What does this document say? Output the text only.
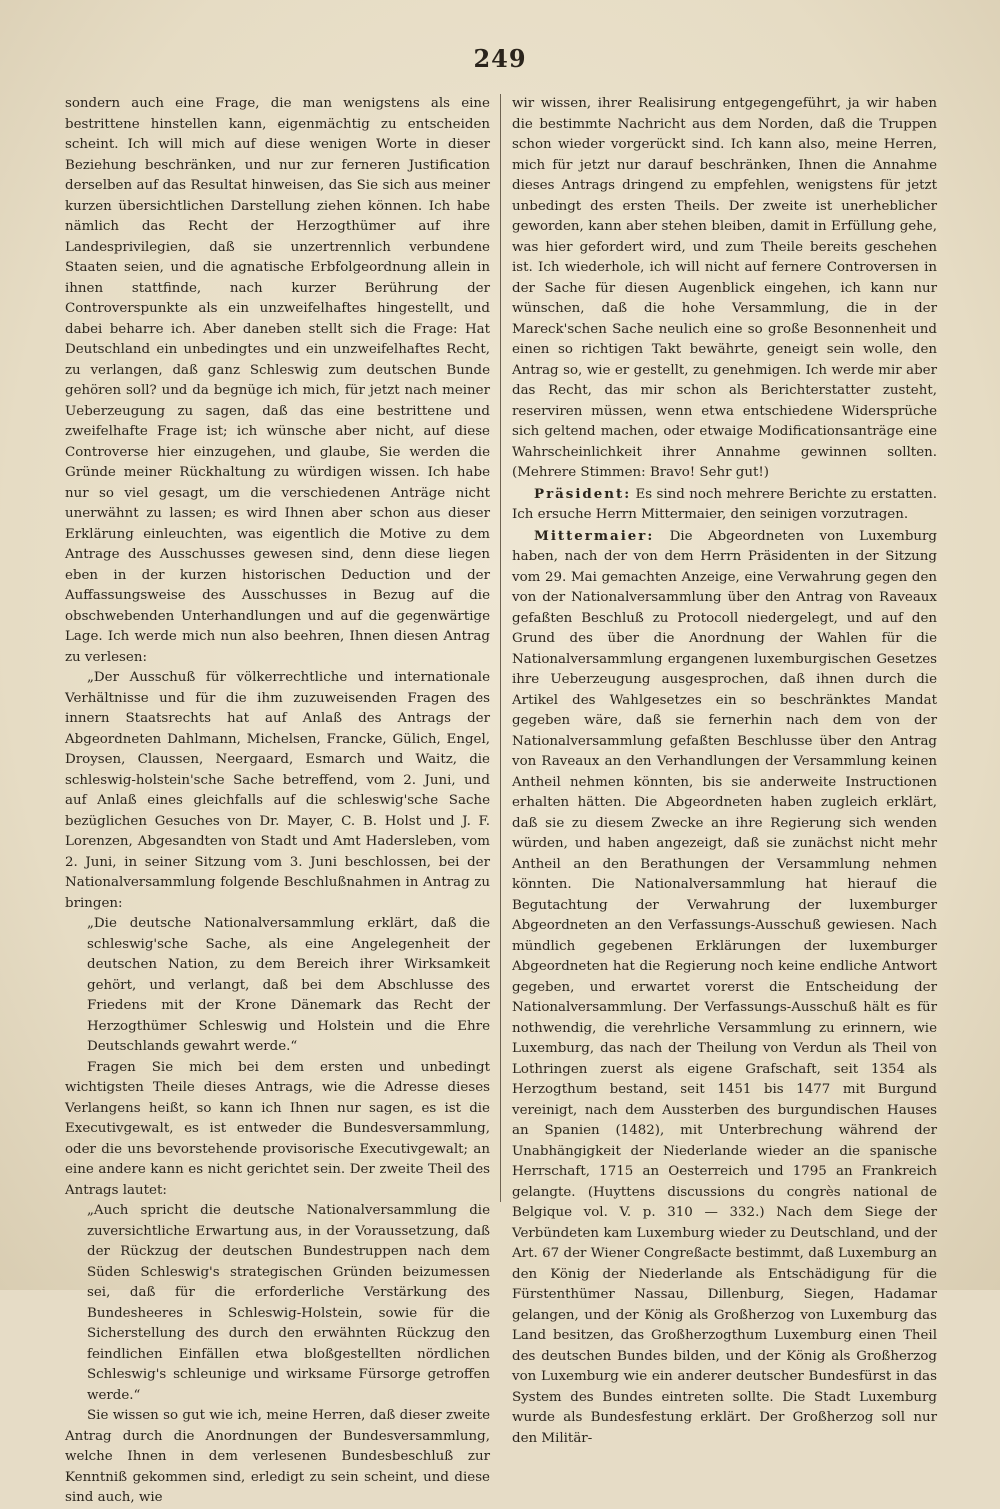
249

sondern auch eine Frage, die man wenigstens als eine bestrittene hinstellen kann, eigenmächtig zu entscheiden scheint. Ich will mich auf diese wenigen Worte in dieser Beziehung beschränken, und nur zur ferneren Justification derselben auf das Resultat hinweisen, das Sie sich aus meiner kurzen übersichtlichen Darstellung ziehen können. Ich habe nämlich das Recht der Herzogthümer auf ihre Landesprivilegien, daß sie unzertrennlich verbundene Staaten seien, und die agnatische Erbfolgeordnung allein in ihnen stattfinde, nach kurzer Berührung der Controverspunkte als ein unzweifelhaftes hingestellt, und dabei beharre ich. Aber daneben stellt sich die Frage: Hat Deutschland ein unbedingtes und ein unzweifelhaftes Recht, zu verlangen, daß ganz Schleswig zum deutschen Bunde gehören soll? und da begnüge ich mich, für jetzt nach meiner Ueberzeugung zu sagen, daß das eine bestrittene und zweifelhafte Frage ist; ich wünsche aber nicht, auf diese Controverse hier einzugehen, und glaube, Sie werden die Gründe meiner Rückhaltung zu würdigen wissen. Ich habe nur so viel gesagt, um die verschiedenen Anträge nicht unerwähnt zu lassen; es wird Ihnen aber schon aus dieser Erklärung einleuchten, was eigentlich die Motive zu dem Antrage des Ausschusses gewesen sind, denn diese liegen eben in der kurzen historischen Deduction und der Auffassungsweise des Ausschusses in Bezug auf die obschwebenden Unterhandlungen und auf die gegenwärtige Lage. Ich werde mich nun also beehren, Ihnen diesen Antrag zu verlesen:

„Der Ausschuß für völkerrechtliche und internationale Verhältnisse und für die ihm zuzuweisenden Fragen des innern Staatsrechts hat auf Anlaß des Antrags der Abgeordneten Dahlmann, Michelsen, Francke, Gülich, Engel, Droysen, Claussen, Neergaard, Esmarch und Waitz, die schleswig-holstein'sche Sache betreffend, vom 2. Juni, und auf Anlaß eines gleichfalls auf die schleswig'sche Sache bezüglichen Gesuches von Dr. Mayer, C. B. Holst und J. F. Lorenzen, Abgesandten von Stadt und Amt Hadersleben, vom 2. Juni, in seiner Sitzung vom 3. Juni beschlossen, bei der Nationalversammlung folgende Beschlußnahmen in Antrag zu bringen:

„Die deutsche Nationalversammlung erklärt, daß die schleswig'sche Sache, als eine Angelegenheit der deutschen Nation, zu dem Bereich ihrer Wirksamkeit gehört, und verlangt, daß bei dem Abschlusse des Friedens mit der Krone Dänemark das Recht der Herzogthümer Schleswig und Holstein und die Ehre Deutschlands gewahrt werde.“

Fragen Sie mich bei dem ersten und unbedingt wichtigsten Theile dieses Antrags, wie die Adresse dieses Verlangens heißt, so kann ich Ihnen nur sagen, es ist die Executivgewalt, es ist entweder die Bundesversammlung, oder die uns bevorstehende provisorische Executivgewalt; an eine andere kann es nicht gerichtet sein. Der zweite Theil des Antrags lautet:

„Auch spricht die deutsche Nationalversammlung die zuversichtliche Erwartung aus, in der Voraussetzung, daß der Rückzug der deutschen Bundestruppen nach dem Süden Schleswig's strategischen Gründen beizumessen sei, daß für die erforderliche Verstärkung des Bundesheeres in Schleswig-Holstein, sowie für die Sicherstellung des durch den erwähnten Rückzug den feindlichen Einfällen etwa bloßgestellten nördlichen Schleswig's schleunige und wirksame Fürsorge getroffen werde.“

Sie wissen so gut wie ich, meine Herren, daß dieser zweite Antrag durch die Anordnungen der Bundesversammlung, welche Ihnen in dem verlesenen Bundesbeschluß zur Kenntniß gekommen sind, erledigt zu sein scheint, und diese sind auch, wie

wir wissen, ihrer Realisirung entgegengeführt, ja wir haben die bestimmte Nachricht aus dem Norden, daß die Truppen schon wieder vorgerückt sind. Ich kann also, meine Herren, mich für jetzt nur darauf beschränken, Ihnen die Annahme dieses Antrags dringend zu empfehlen, wenigstens für jetzt unbedingt des ersten Theils. Der zweite ist unerheblicher geworden, kann aber stehen bleiben, damit in Erfüllung gehe, was hier gefordert wird, und zum Theile bereits geschehen ist. Ich wiederhole, ich will nicht auf fernere Controversen in der Sache für diesen Augenblick eingehen, ich kann nur wünschen, daß die hohe Versammlung, die in der Mareck'schen Sache neulich eine so große Besonnenheit und einen so richtigen Takt bewährte, geneigt sein wolle, den Antrag so, wie er gestellt, zu genehmigen. Ich werde mir aber das Recht, das mir schon als Berichterstatter zusteht, reserviren müssen, wenn etwa entschiedene Widersprüche sich geltend machen, oder etwaige Modificationsanträge eine Wahrscheinlichkeit ihrer Annahme gewinnen sollten. (Mehrere Stimmen: Bravo! Sehr gut!)

Präsident: Es sind noch mehrere Berichte zu erstatten. Ich ersuche Herrn Mittermaier, den seinigen vorzutragen.

Mittermaier: Die Abgeordneten von Luxemburg haben, nach der von dem Herrn Präsidenten in der Sitzung vom 29. Mai gemachten Anzeige, eine Verwahrung gegen den von der Nationalversammlung über den Antrag von Raveaux gefaßten Beschluß zu Protocoll niedergelegt, und auf den Grund des über die Anordnung der Wahlen für die Nationalversammlung ergangenen luxemburgischen Gesetzes ihre Ueberzeugung ausgesprochen, daß ihnen durch die Artikel des Wahlgesetzes ein so beschränktes Mandat gegeben wäre, daß sie fernerhin nach dem von der Nationalversammlung gefaßten Beschlusse über den Antrag von Raveaux an den Verhandlungen der Versammlung keinen Antheil nehmen könnten, bis sie anderweite Instructionen erhalten hätten. Die Abgeordneten haben zugleich erklärt, daß sie zu diesem Zwecke an ihre Regierung sich wenden würden, und haben angezeigt, daß sie zunächst nicht mehr Antheil an den Berathungen der Versammlung nehmen könnten. Die Nationalversammlung hat hierauf die Begutachtung der Verwahrung der luxemburger Abgeordneten an den Verfassungs-Ausschuß gewiesen. Nach mündlich gegebenen Erklärungen der luxemburger Abgeordneten hat die Regierung noch keine endliche Antwort gegeben, und erwartet vorerst die Entscheidung der Nationalversammlung. Der Verfassungs-Ausschuß hält es für nothwendig, die verehrliche Versammlung zu erinnern, wie Luxemburg, das nach der Theilung von Verdun als Theil von Lothringen zuerst als eigene Grafschaft, seit 1354 als Herzogthum bestand, seit 1451 bis 1477 mit Burgund vereinigt, nach dem Aussterben des burgundischen Hauses an Spanien (1482), mit Unterbrechung während der Unabhängigkeit der Niederlande wieder an die spanische Herrschaft, 1715 an Oesterreich und 1795 an Frankreich gelangte. (Huyttens discussions du congrès national de Belgique vol. V. p. 310 — 332.) Nach dem Siege der Verbündeten kam Luxemburg wieder zu Deutschland, und der Art. 67 der Wiener Congreßacte bestimmt, daß Luxemburg an den König der Niederlande als Entschädigung für die Fürstenthümer Nassau, Dillenburg, Siegen, Hadamar gelangen, und der König als Großherzog von Luxemburg das Land besitzen, das Großherzogthum Luxemburg einen Theil des deutschen Bundes bilden, und der König als Großherzog von Luxemburg wie ein anderer deutscher Bundesfürst in das System des Bundes eintreten sollte. Die Stadt Luxemburg wurde als Bundesfestung erklärt. Der Großherzog soll nur den Militär-
